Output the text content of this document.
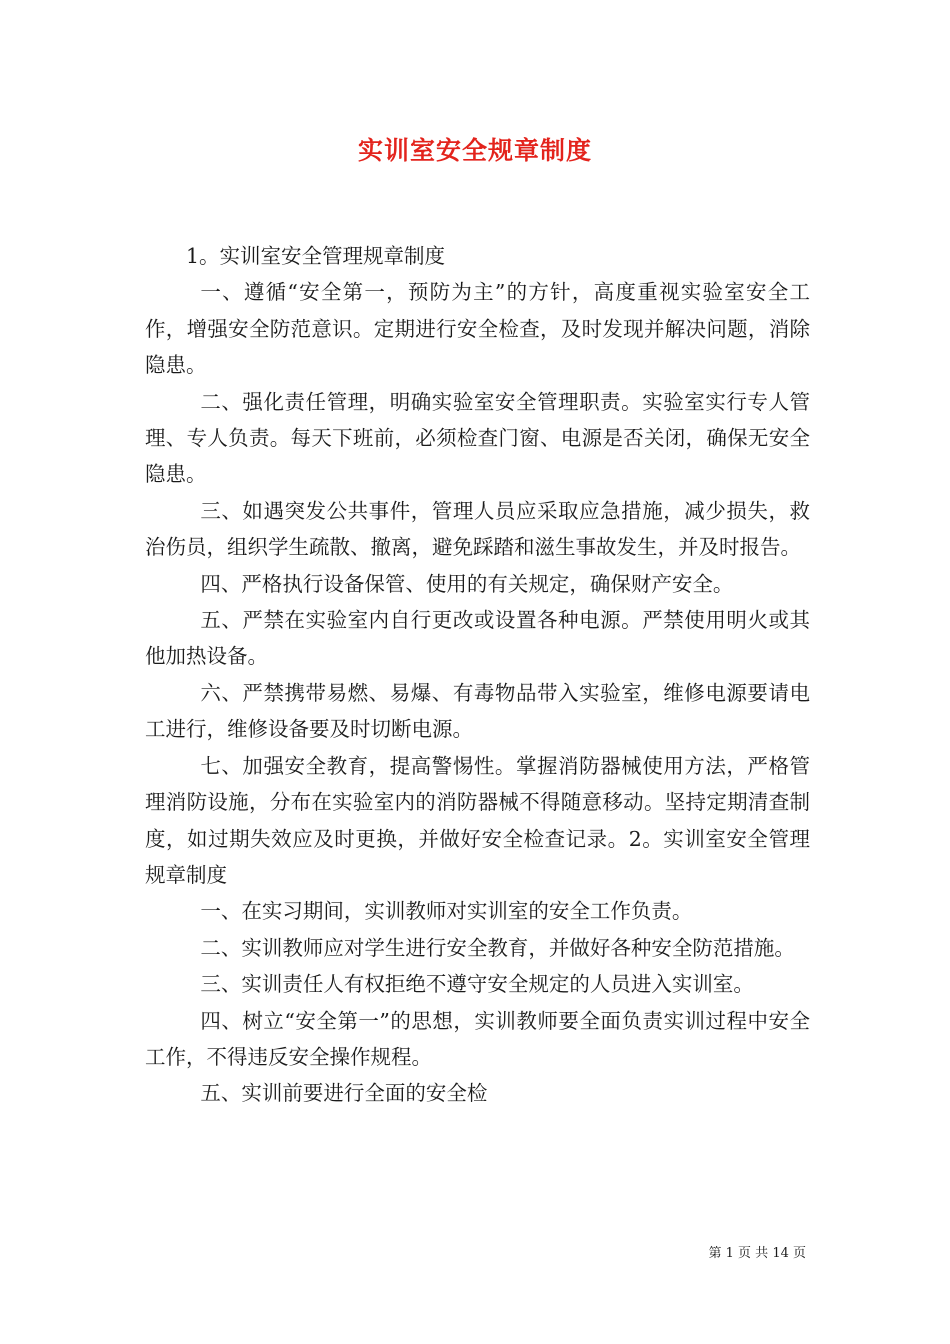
实训室安全规章制度

1。实训室安全管理规章制度

一、遵循“安全第一，预防为主”的方针，高度重视实验室安全工作，增强安全防范意识。定期进行安全检查，及时发现并解决问题，消除隐患。

二、强化责任管理，明确实验室安全管理职责。实验室实行专人管理、专人负责。每天下班前，必须检查门窗、电源是否关闭，确保无安全隐患。

三、如遇突发公共事件，管理人员应采取应急措施，减少损失，救治伤员，组织学生疏散、撤离，避免踩踏和滋生事故发生，并及时报告。

四、严格执行设备保管、使用的有关规定，确保财产安全。

五、严禁在实验室内自行更改或设置各种电源。严禁使用明火或其他加热设备。

六、严禁携带易燃、易爆、有毒物品带入实验室，维修电源要请电工进行，维修设备要及时切断电源。

七、加强安全教育，提高警惕性。掌握消防器械使用方法，严格管理消防设施，分布在实验室内的消防器械不得随意移动。坚持定期清查制度，如过期失效应及时更换，并做好安全检查记录。2。实训室安全管理规章制度

一、在实习期间，实训教师对实训室的安全工作负责。

二、实训教师应对学生进行安全教育，并做好各种安全防范措施。

三、实训责任人有权拒绝不遵守安全规定的人员进入实训室。

四、树立“安全第一”的思想，实训教师要全面负责实训过程中安全工作，不得违反安全操作规程。

五、实训前要进行全面的安全检

第 1 页 共 14 页
